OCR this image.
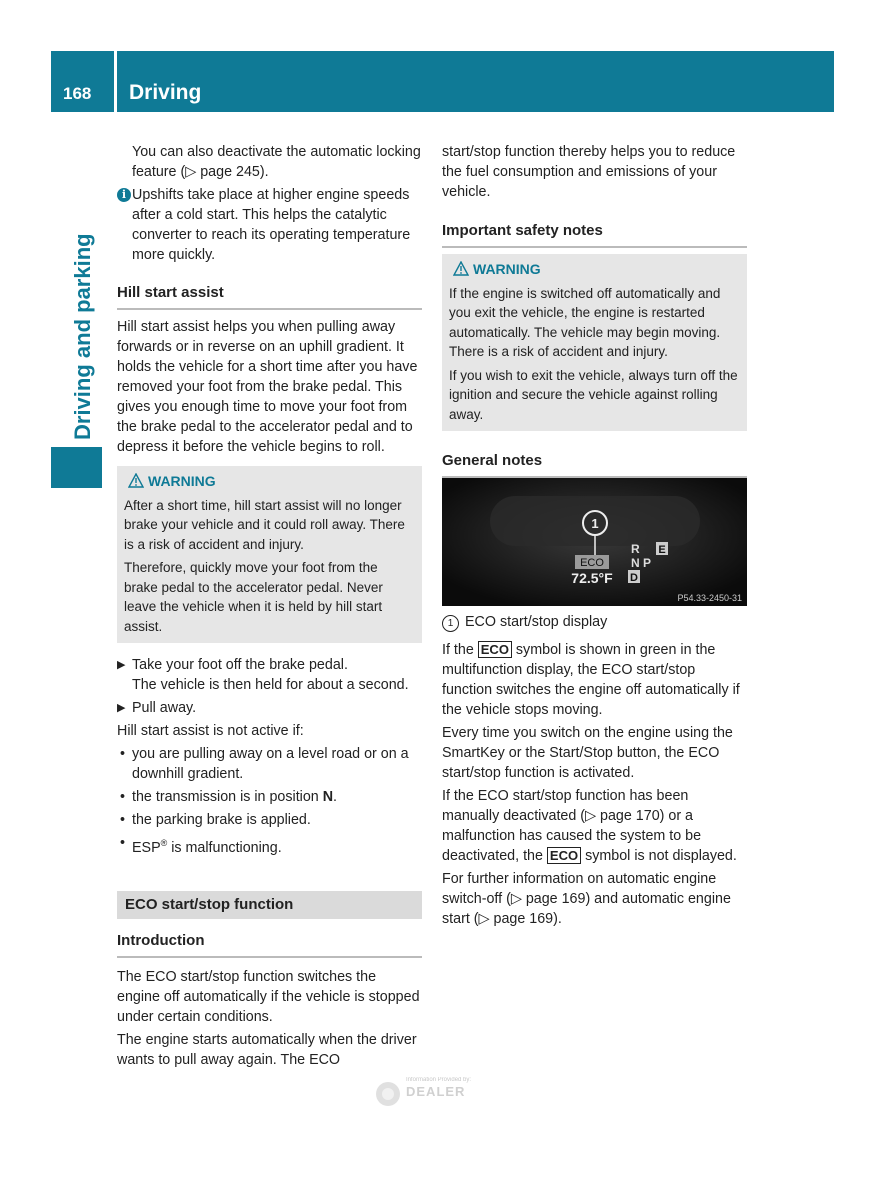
168 Driving
Driving and parking

You can also deactivate the automatic locking feature (▷ page 245).

i Upshifts take place at higher engine speeds after a cold start. This helps the catalytic converter to reach its operating temperature more quickly.

Hill start assist

Hill start assist helps you when pulling away forwards or in reverse on an uphill gradient. It holds the vehicle for a short time after you have removed your foot from the brake pedal. This gives you enough time to move your foot from the brake pedal to the accelerator pedal and to depress it before the vehicle begins to roll.

WARNING

After a short time, hill start assist will no longer brake your vehicle and it could roll away. There is a risk of accident and injury.

Therefore, quickly move your foot from the brake pedal to the accelerator pedal. Never leave the vehicle when it is held by hill start assist.

▶ Take your foot off the brake pedal.
The vehicle is then held for about a second.

▶ Pull away.

Hill start assist is not active if:

• you are pulling away on a level road or on a downhill gradient.

• the transmission is in position N.

• the parking brake is applied.

• ESP® is malfunctioning.

ECO start/stop function
Introduction

The ECO start/stop function switches the engine off automatically if the vehicle is stopped under certain conditions.

The engine starts automatically when the driver wants to pull away again. The ECO

start/stop function thereby helps you to reduce the fuel consumption and emissions of your vehicle.

Important safety notes
WARNING

If the engine is switched off automatically and you exit the vehicle, the engine is restarted automatically. The vehicle may begin moving. There is a risk of accident and injury.

If you wish to exit the vehicle, always turn off the ignition and secure the vehicle against rolling away.

General notes
ECO
1
72.5°F
R
N P
D
E
P54.33-2450-31

1 ECO start/stop display

If the ECO symbol is shown in green in the multifunction display, the ECO start/stop function switches the engine off automatically if the vehicle stops moving.

Every time you switch on the engine using the SmartKey or the Start/Stop button, the ECO start/stop function is activated.

If the ECO start/stop function has been manually deactivated (▷ page 170) or a malfunction has caused the system to be deactivated, the ECO symbol is not displayed.

For further information on automatic engine switch-off (▷ page 169) and automatic engine start (▷ page 169).

Information Provided by:
DEALER
